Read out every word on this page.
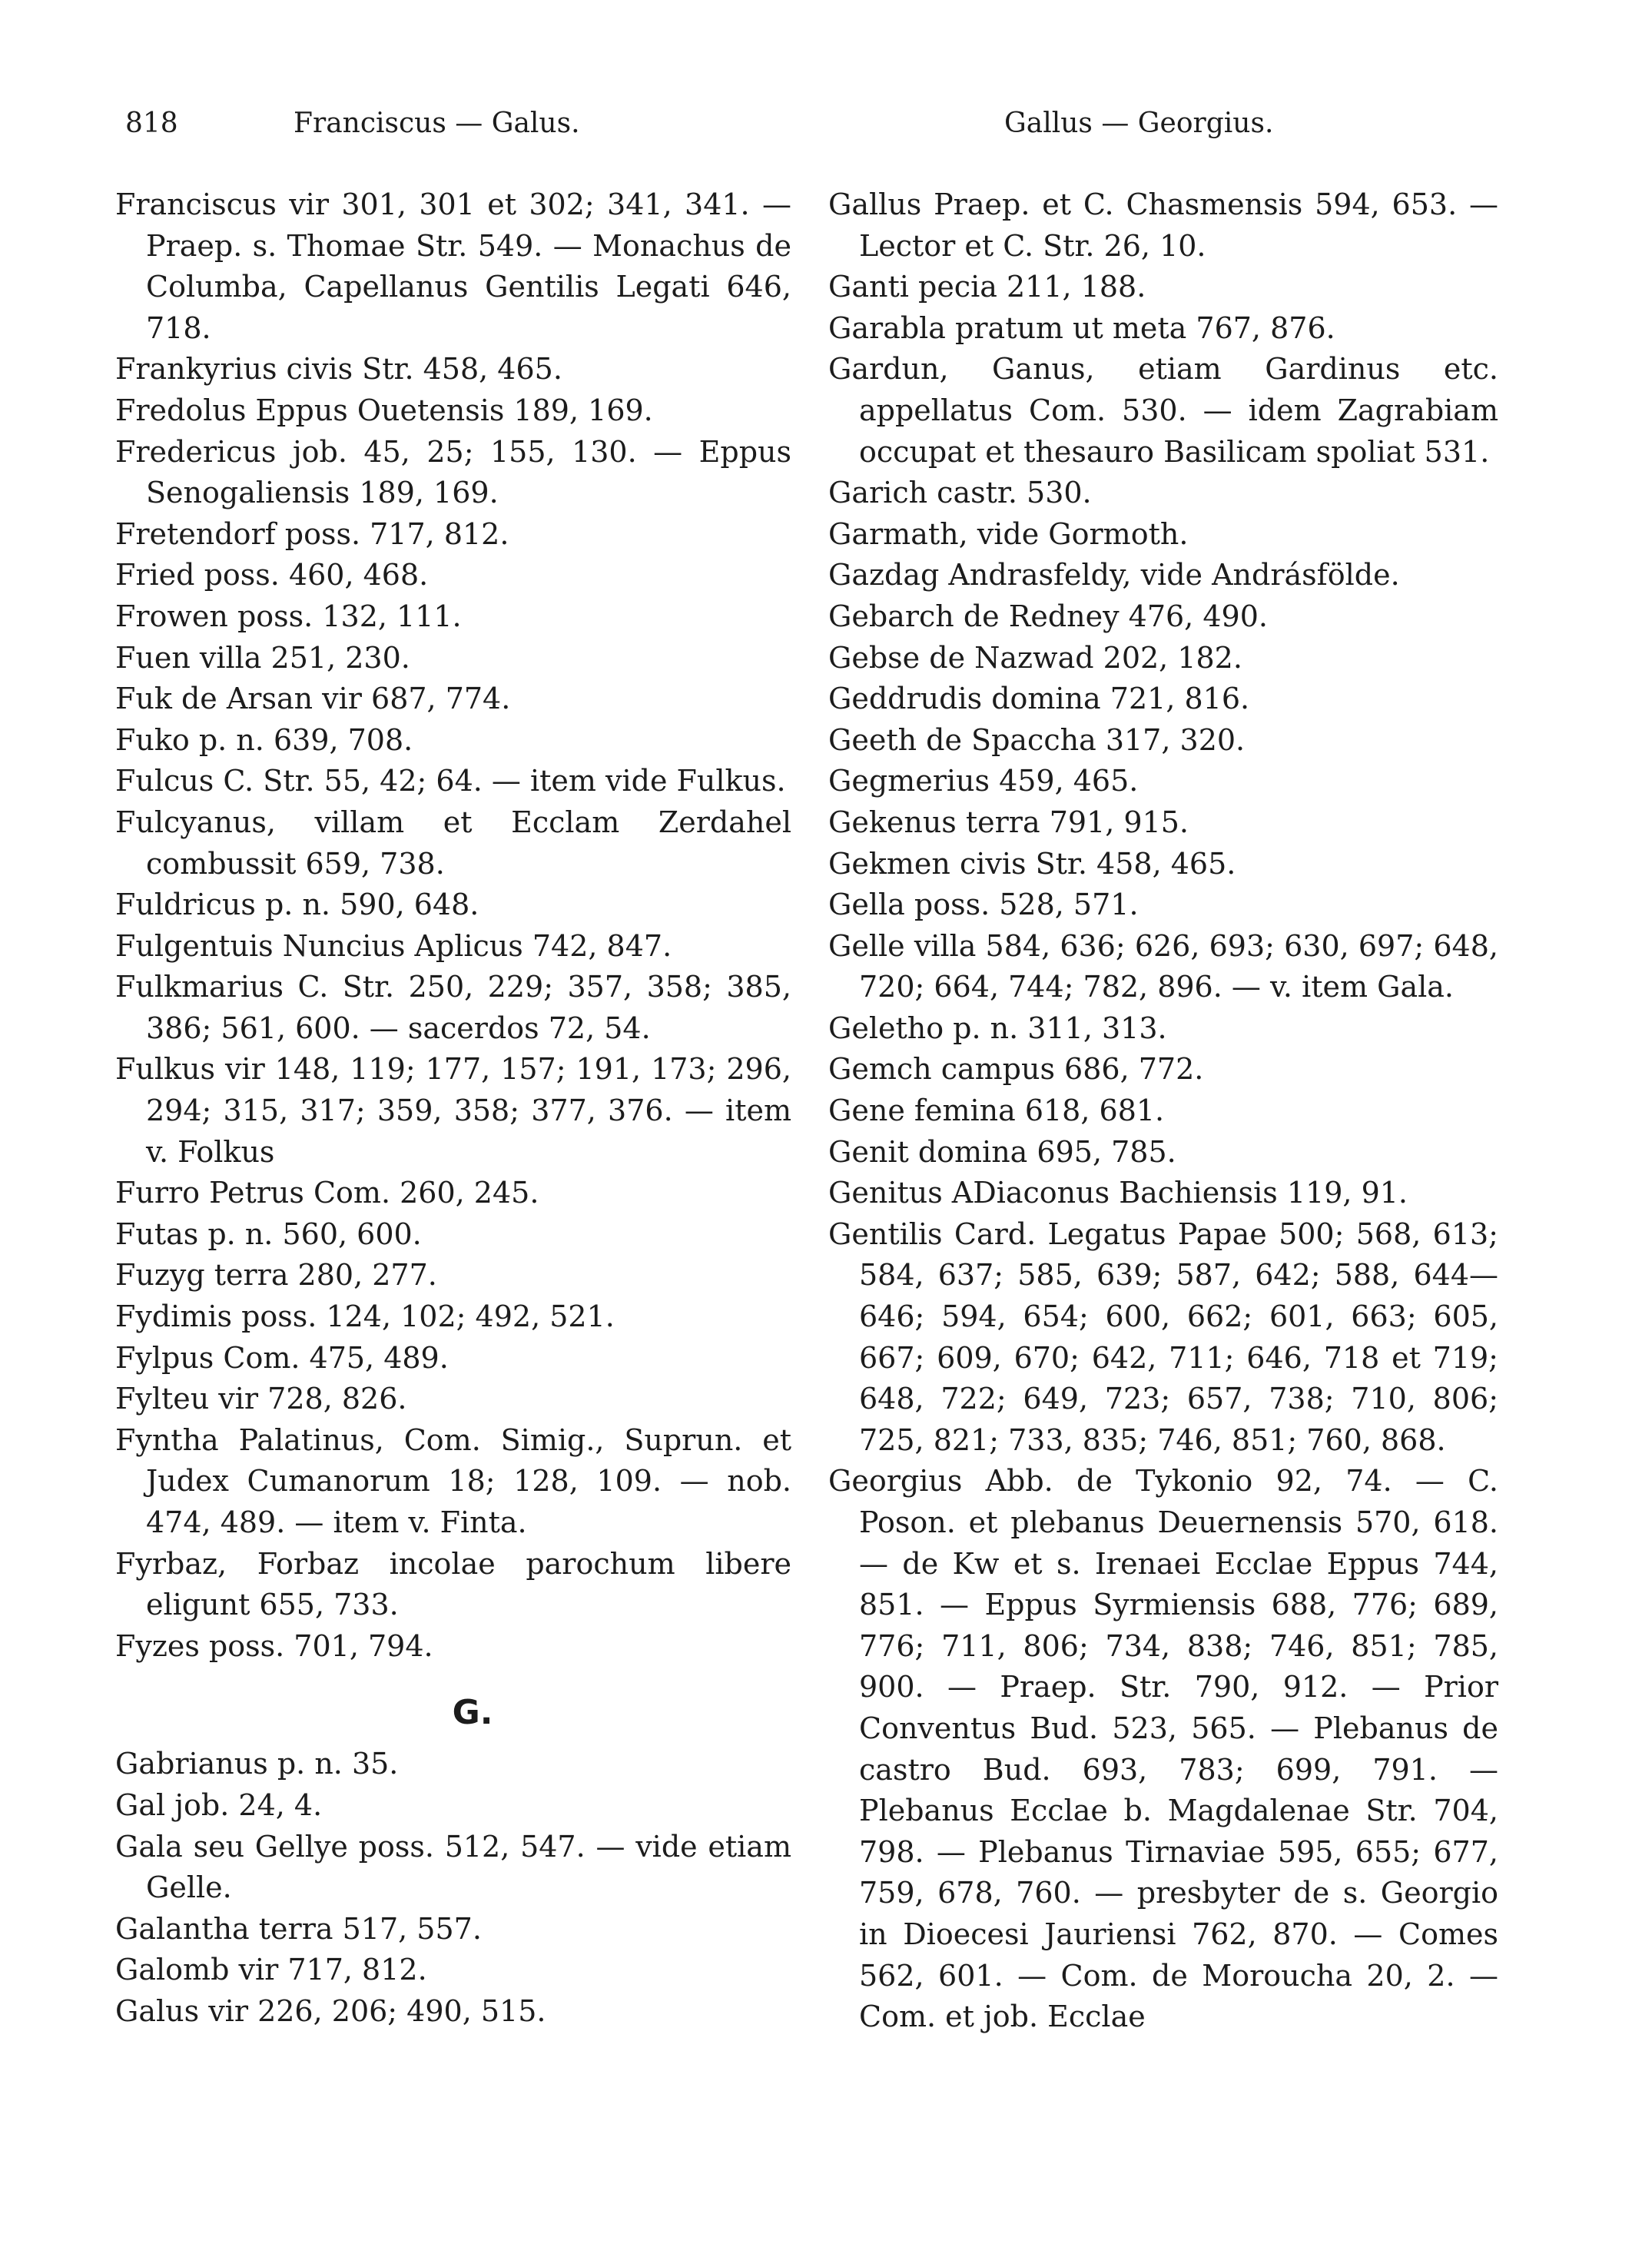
818	Franciscus — Galus.	Gallus — Georgius.
Franciscus vir 301, 301 et 302; 341, 341. — Praep. s. Thomae Str. 549. — Monachus de Columba, Capellanus Gentilis Legati 646, 718.
Frankyrius civis Str. 458, 465.
Fredolus Eppus Ouetensis 189, 169.
Fredericus job. 45, 25; 155, 130. — Eppus Senogaliensis 189, 169.
Fretendorf poss. 717, 812.
Fried poss. 460, 468.
Frowen poss. 132, 111.
Fuen villa 251, 230.
Fuk de Arsan vir 687, 774.
Fuko p. n. 639, 708.
Fulcus C. Str. 55, 42; 64. — item vide Fulkus.
Fulcyanus, villam et Ecclam Zerdahel combussit 659, 738.
Fuldricus p. n. 590, 648.
Fulgentuis Nuncius Aplicus 742, 847.
Fulkmarius C. Str. 250, 229; 357, 358; 385, 386; 561, 600. — sacerdos 72, 54.
Fulkus vir 148, 119; 177, 157; 191, 173; 296, 294; 315, 317; 359, 358; 377, 376. — item v. Folkus
Furro Petrus Com. 260, 245.
Futas p. n. 560, 600.
Fuzyg terra 280, 277.
Fydimis poss. 124, 102; 492, 521.
Fylpus Com. 475, 489.
Fylteu vir 728, 826.
Fyntha Palatinus, Com. Simig., Suprun. et Judex Cumanorum 18; 128, 109. — nob. 474, 489. — item v. Finta.
Fyrbaz, Forbaz incolae parochum libere eligunt 655, 733.
Fyzes poss. 701, 794.
G.
Gabrianus p. n. 35.
Gal job. 24, 4.
Gala seu Gellye poss. 512, 547. — vide etiam Gelle.
Galantha terra 517, 557.
Galomb vir 717, 812.
Galus vir 226, 206; 490, 515.
Gallus Praep. et C. Chasmensis 594, 653. — Lector et C. Str. 26, 10.
Ganti pecia 211, 188.
Garabla pratum ut meta 767, 876.
Gardun, Ganus, etiam Gardinus etc. appellatus Com. 530. — idem Zagrabiam occupat et thesauro Basilicam spoliat 531.
Garich castr. 530.
Garmath, vide Gormoth.
Gazdag Andrasfeldy, vide Andrásfölde.
Gebarch de Redney 476, 490.
Gebse de Nazwad 202, 182.
Geddrudis domina 721, 816.
Geeth de Spaccha 317, 320.
Gegmerius 459, 465.
Gekenus terra 791, 915.
Gekmen civis Str. 458, 465.
Gella poss. 528, 571.
Gelle villa 584, 636; 626, 693; 630, 697; 648, 720; 664, 744; 782, 896. — v. item Gala.
Geletho p. n. 311, 313.
Gemch campus 686, 772.
Gene femina 618, 681.
Genit domina 695, 785.
Genitus ADiaconus Bachiensis 119, 91.
Gentilis Card. Legatus Papae 500; 568, 613; 584, 637; 585, 639; 587, 642; 588, 644—646; 594, 654; 600, 662; 601, 663; 605, 667; 609, 670; 642, 711; 646, 718 et 719; 648, 722; 649, 723; 657, 738; 710, 806; 725, 821; 733, 835; 746, 851; 760, 868.
Georgius Abb. de Tykonio 92, 74. — C. Poson. et plebanus Deuernensis 570, 618. — de Kw et s. Irenaei Ecclae Eppus 744, 851. — Eppus Syrmiensis 688, 776; 689, 776; 711, 806; 734, 838; 746, 851; 785, 900. — Praep. Str. 790, 912. — Prior Conventus Bud. 523, 565. — Plebanus de castro Bud. 693, 783; 699, 791. — Plebanus Ecclae b. Magdalenae Str. 704, 798. — Plebanus Tirnaviae 595, 655; 677, 759, 678, 760. — presbyter de s. Georgio in Dioecesi Jauriensi 762, 870. — Comes 562, 601. — Com. de Moroucha 20, 2. — Com. et job. Ecclae
